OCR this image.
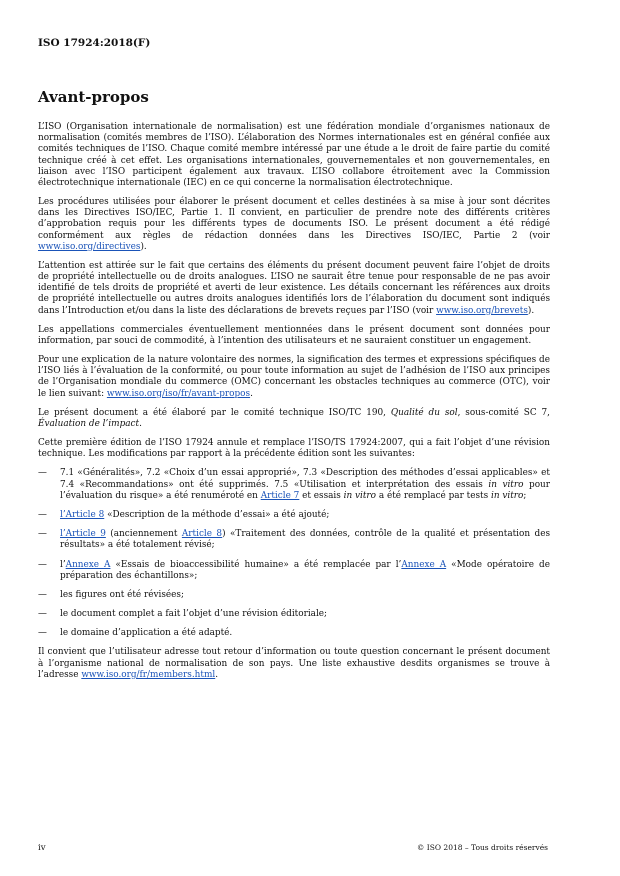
ISO 17924:2018(F)
Avant-propos

L’ISO (Organisation internationale de normalisation) est une fédération mondiale d’organismes nationaux de normalisation (comités membres de l’ISO). L’élaboration des Normes internationales est en général confiée aux comités techniques de l’ISO. Chaque comité membre intéressé par une étude a le droit de faire partie du comité technique créé à cet effet. Les organisations internationales, gouvernementales et non gouvernementales, en liaison avec l’ISO participent également aux travaux. L’ISO collabore étroitement avec la Commission électrotechnique internationale (IEC) en ce qui concerne la normalisation électrotechnique.

Les procédures utilisées pour élaborer le présent document et celles destinées à sa mise à jour sont décrites dans les Directives ISO/IEC, Partie 1. Il convient, en particulier de prendre note des différents critères d’approbation requis pour les différents types de documents ISO. Le présent document a été rédigé conformément aux règles de rédaction données dans les Directives ISO/IEC, Partie 2 (voir www.iso.org/directives).

L’attention est attirée sur le fait que certains des éléments du présent document peuvent faire l’objet de droits de propriété intellectuelle ou de droits analogues. L’ISO ne saurait être tenue pour responsable de ne pas avoir identifié de tels droits de propriété et averti de leur existence. Les détails concernant les références aux droits de propriété intellectuelle ou autres droits analogues identifiés lors de l’élaboration du document sont indiqués dans l’Introduction et/ou dans la liste des déclarations de brevets reçues par l’ISO (voir www.iso.org/brevets).

Les appellations commerciales éventuellement mentionnées dans le présent document sont données pour information, par souci de commodité, à l’intention des utilisateurs et ne sauraient constituer un engagement.

Pour une explication de la nature volontaire des normes, la signification des termes et expressions spécifiques de l’ISO liés à l’évaluation de la conformité, ou pour toute information au sujet de l’adhésion de l’ISO aux principes de l’Organisation mondiale du commerce (OMC) concernant les obstacles techniques au commerce (OTC), voir le lien suivant: www.iso.org/iso/fr/avant-propos.

Le présent document a été élaboré par le comité technique ISO/TC 190, Qualité du sol, sous-comité SC 7, Évaluation de l’impact.

Cette première édition de l’ISO 17924 annule et remplace l’ISO/TS 17924:2007, qui a fait l’objet d’une révision technique. Les modifications par rapport à la précédente édition sont les suivantes:

— 7.1 «Généralités», 7.2 «Choix d’un essai approprié», 7.3 «Description des méthodes d’essai applicables» et 7.4 «Recommandations» ont été supprimés. 7.5 «Utilisation et interprétation des essais in vitro pour l’évaluation du risque» a été renuméroté en Article 7 et essais in vitro a été remplacé par tests in vitro;
— l’Article 8 «Description de la méthode d’essai» a été ajouté;
— l’Article 9 (anciennement Article 8) «Traitement des données, contrôle de la qualité et présentation des résultats» a été totalement révisé;
— l’Annexe A «Essais de bioaccessibilité humaine» a été remplacée par l’Annexe A «Mode opératoire de préparation des échantillons»;
— les figures ont été révisées;
— le document complet a fait l’objet d’une révision éditoriale;
— le domaine d’application a été adapté.

Il convient que l’utilisateur adresse tout retour d’information ou toute question concernant le présent document à l’organisme national de normalisation de son pays. Une liste exhaustive desdits organismes se trouve à l’adresse www.iso.org/fr/members.html.

iv	© ISO 2018 – Tous droits réservés
